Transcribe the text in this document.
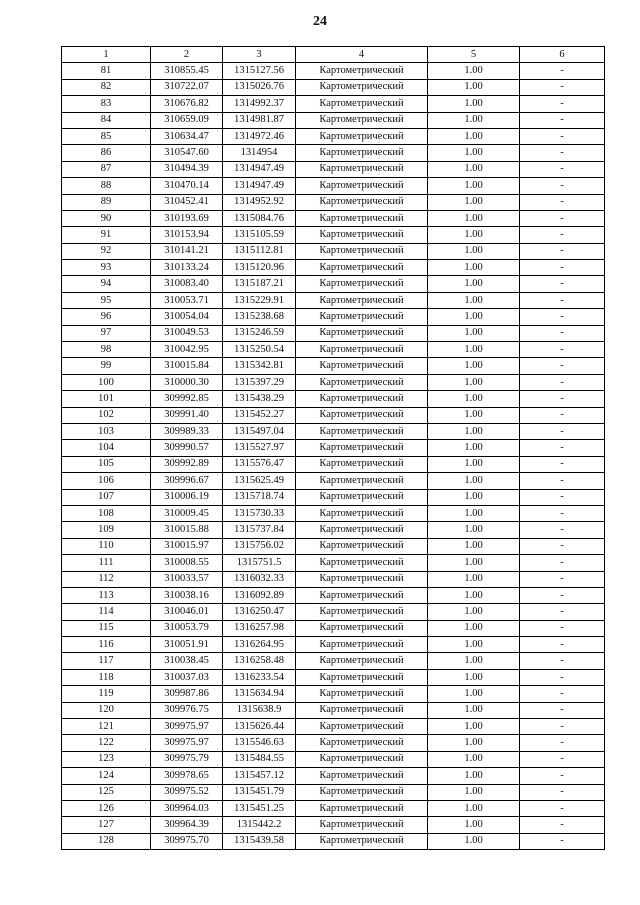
24
1	2	3	4	5	6
81	310855.45	1315127.56	Картометрический	1.00	-
82	310722.07	1315026.76	Картометрический	1.00	-
83	310676.82	1314992.37	Картометрический	1.00	-
84	310659.09	1314981.87	Картометрический	1.00	-
85	310634.47	1314972.46	Картометрический	1.00	-
86	310547.60	1314954	Картометрический	1.00	-
87	310494.39	1314947.49	Картометрический	1.00	-
88	310470.14	1314947.49	Картометрический	1.00	-
89	310452.41	1314952.92	Картометрический	1.00	-
90	310193.69	1315084.76	Картометрический	1.00	-
91	310153.94	1315105.59	Картометрический	1.00	-
92	310141.21	1315112.81	Картометрический	1.00	-
93	310133.24	1315120.96	Картометрический	1.00	-
94	310083.40	1315187.21	Картометрический	1.00	-
95	310053.71	1315229.91	Картометрический	1.00	-
96	310054.04	1315238.68	Картометрический	1.00	-
97	310049.53	1315246.59	Картометрический	1.00	-
98	310042.95	1315250.54	Картометрический	1.00	-
99	310015.84	1315342.81	Картометрический	1.00	-
100	310000.30	1315397.29	Картометрический	1.00	-
101	309992.85	1315438.29	Картометрический	1.00	-
102	309991.40	1315452.27	Картометрический	1.00	-
103	309989.33	1315497.04	Картометрический	1.00	-
104	309990.57	1315527.97	Картометрический	1.00	-
105	309992.89	1315576.47	Картометрический	1.00	-
106	309996.67	1315625.49	Картометрический	1.00	-
107	310006.19	1315718.74	Картометрический	1.00	-
108	310009.45	1315730.33	Картометрический	1.00	-
109	310015.88	1315737.84	Картометрический	1.00	-
110	310015.97	1315756.02	Картометрический	1.00	-
111	310008.55	1315751.5	Картометрический	1.00	-
112	310033.57	1316032.33	Картометрический	1.00	-
113	310038.16	1316092.89	Картометрический	1.00	-
114	310046.01	1316250.47	Картометрический	1.00	-
115	310053.79	1316257.98	Картометрический	1.00	-
116	310051.91	1316264.95	Картометрический	1.00	-
117	310038.45	1316258.48	Картометрический	1.00	-
118	310037.03	1316233.54	Картометрический	1.00	-
119	309987.86	1315634.94	Картометрический	1.00	-
120	309976.75	1315638.9	Картометрический	1.00	-
121	309975.97	1315626.44	Картометрический	1.00	-
122	309975.97	1315546.63	Картометрический	1.00	-
123	309975.79	1315484.55	Картометрический	1.00	-
124	309978.65	1315457.12	Картометрический	1.00	-
125	309975.52	1315451.79	Картометрический	1.00	-
126	309964.03	1315451.25	Картометрический	1.00	-
127	309964.39	1315442.2	Картометрический	1.00	-
128	309975.70	1315439.58	Картометрический	1.00	-
